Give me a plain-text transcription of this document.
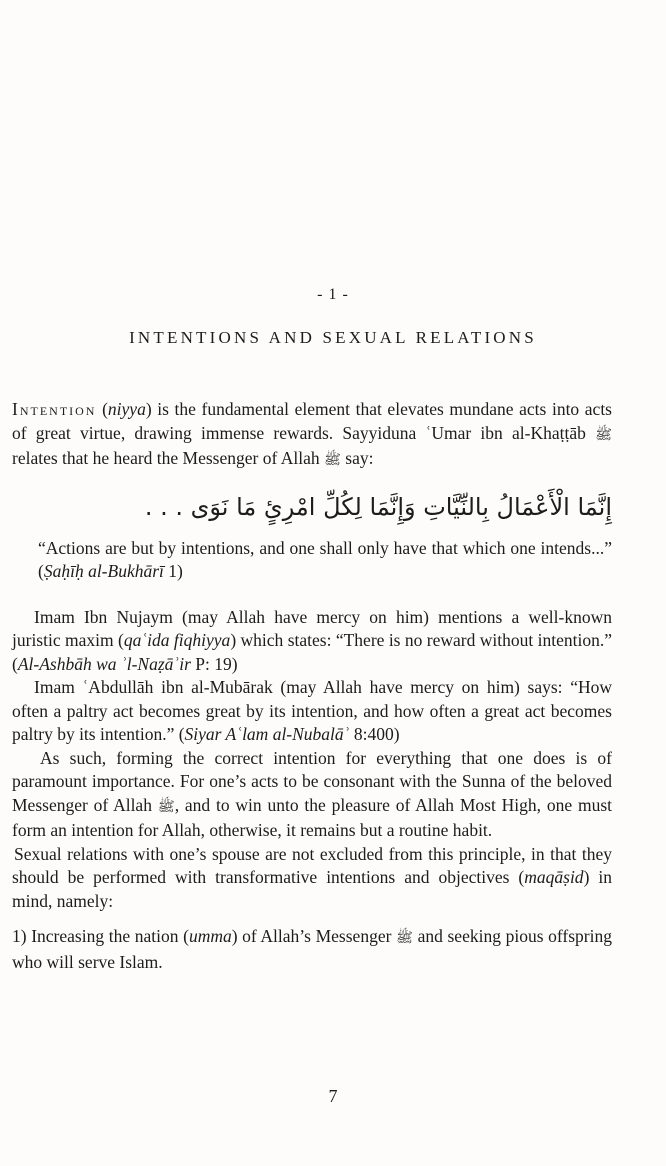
- 1 -
INTENTIONS AND SEXUAL RELATIONS

Intention (niyya) is the fundamental element that elevates mundane acts into acts of great virtue, drawing immense rewards. Sayyiduna ʿUmar ibn al-Khaṭṭāb ﷺ relates that he heard the Messenger of Allah ﷺ say:

إِنَّمَا الْأَعْمَالُ بِالنِّيَّاتِ وَإِنَّمَا لِكُلِّ امْرِئٍ مَا نَوَى . . .

“Actions are but by intentions, and one shall only have that which one intends...” (Ṣaḥīḥ al-Bukhārī 1)

Imam Ibn Nujaym (may Allah have mercy on him) mentions a well-known juristic maxim (qaʿida fiqhiyya) which states: “There is no reward without intention.” (Al-Ashbāh wa ʾl-Naẓāʾir P: 19)

Imam ʿAbdullāh ibn al-Mubārak (may Allah have mercy on him) says: “How often a paltry act becomes great by its intention, and how often a great act becomes paltry by its intention.” (Siyar Aʿlam al-Nubalāʾ 8:400)

As such, forming the correct intention for everything that one does is of paramount importance. For one’s acts to be consonant with the Sunna of the beloved Messenger of Allah ﷺ, and to win unto the pleasure of Allah Most High, one must form an intention for Allah, otherwise, it remains but a routine habit.

Sexual relations with one’s spouse are not excluded from this principle, in that they should be performed with transformative intentions and objectives (maqāṣid) in mind, namely:

1) Increasing the nation (umma) of Allah’s Messenger ﷺ and seeking pious offspring who will serve Islam.

7
